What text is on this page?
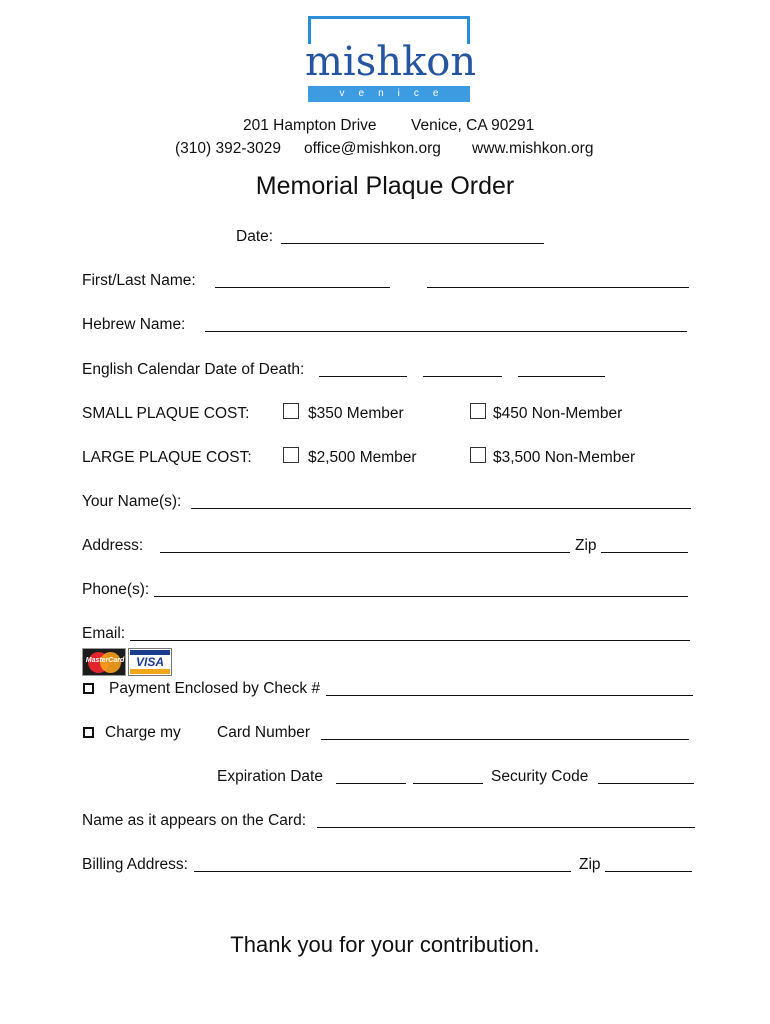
mishkon
venice
201 Hampton Drive Venice, CA 90291
(310) 392-3029 office@mishkon.org www.mishkon.org
Memorial Plaque Order
Date:
First/Last Name:
Hebrew Name:
English Calendar Date of Death:
SMALL PLAQUE COST:	$350 Member	$450 Non-Member
LARGE PLAQUE COST:	$2,500 Member	$3,500 Non-Member
Your Name(s):
Address:	Zip
Phone(s):
Email:
MasterCard VISA
Payment Enclosed by Check #
Charge my Card Number
Expiration Date	Security Code
Name as it appears on the Card:
Billing Address:	Zip
Thank you for your contribution.
